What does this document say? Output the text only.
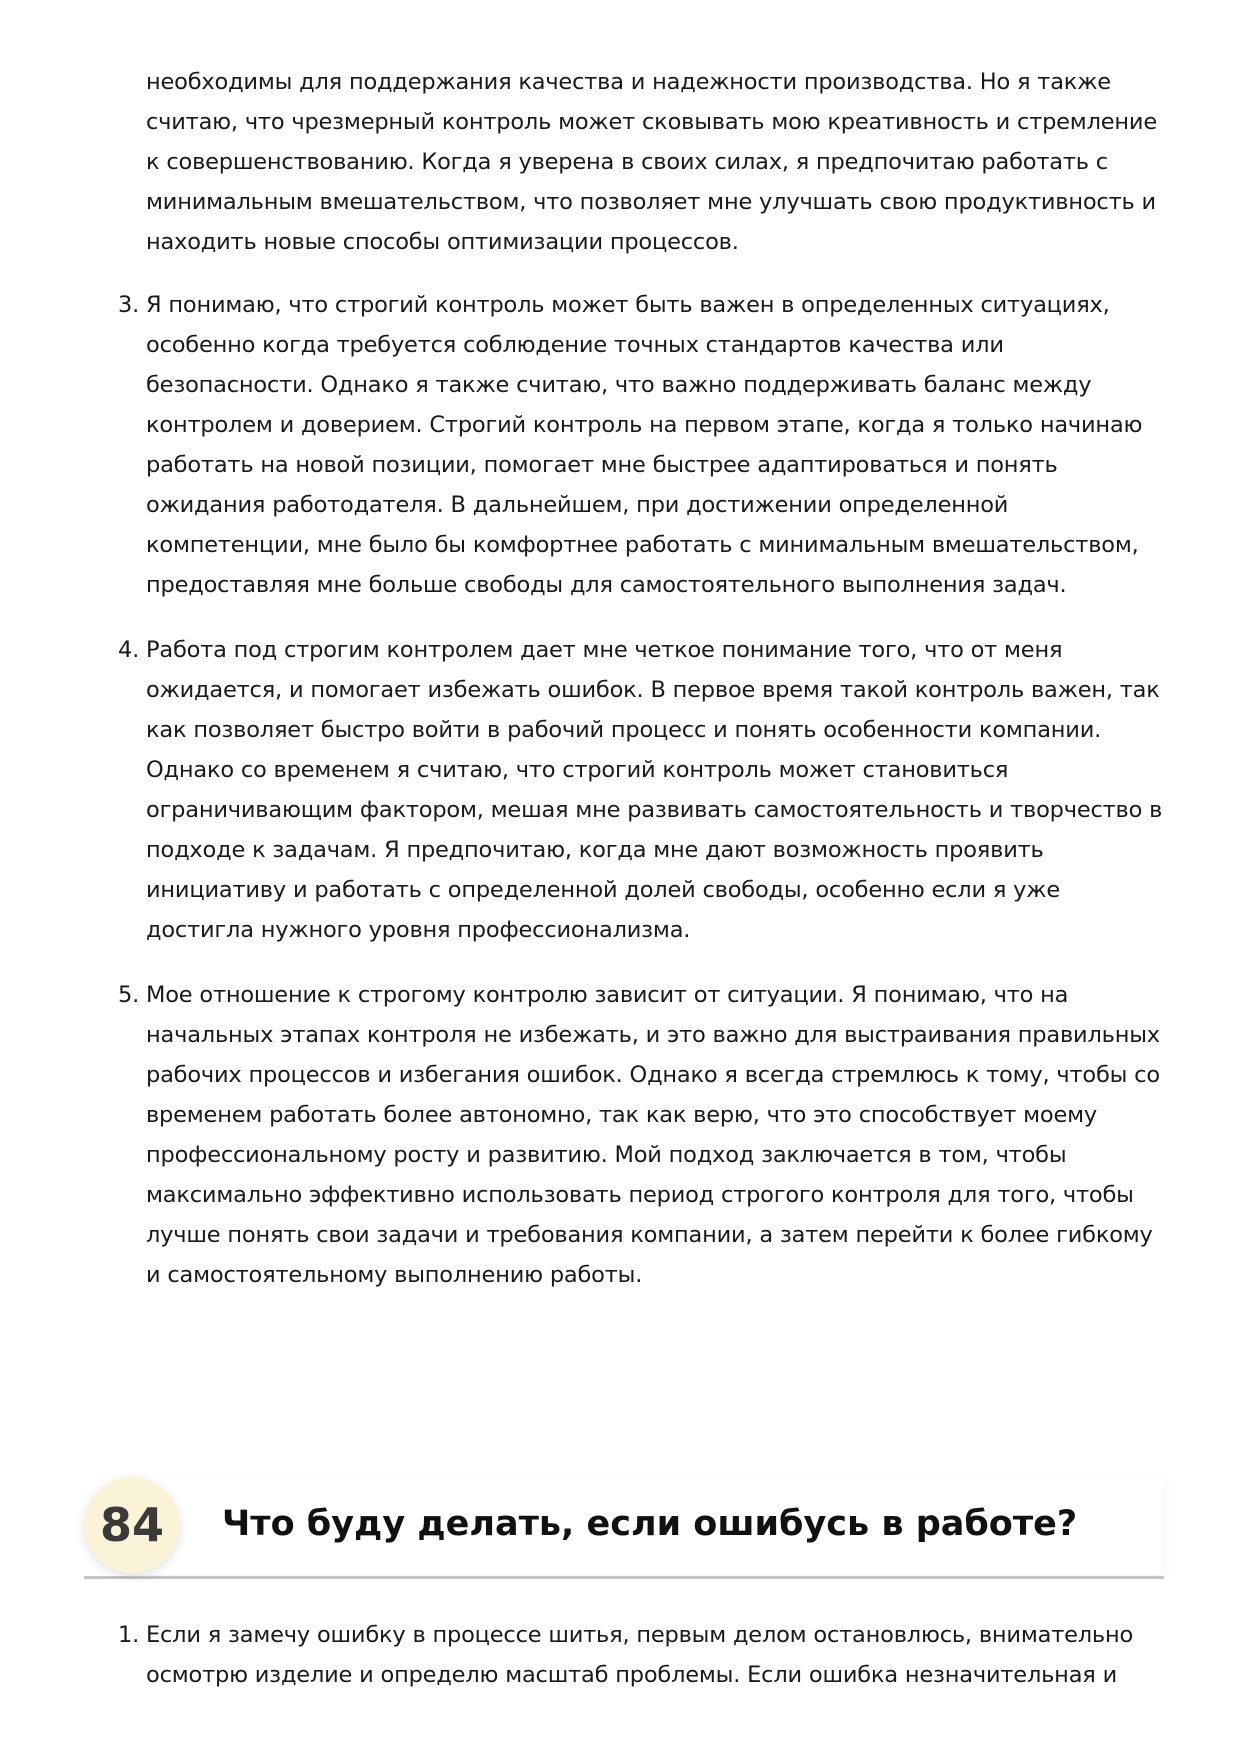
необходимы для поддержания качества и надежности производства. Но я также считаю, что чрезмерный контроль может сковывать мою креативность и стремление к совершенствованию. Когда я уверена в своих силах, я предпочитаю работать с минимальным вмешательством, что позволяет мне улучшать свою продуктивность и находить новые способы оптимизации процессов.

3. Я понимаю, что строгий контроль может быть важен в определенных ситуациях, особенно когда требуется соблюдение точных стандартов качества или безопасности. Однако я также считаю, что важно поддерживать баланс между контролем и доверием. Строгий контроль на первом этапе, когда я только начинаю работать на новой позиции, помогает мне быстрее адаптироваться и понять ожидания работодателя. В дальнейшем, при достижении определенной компетенции, мне было бы комфортнее работать с минимальным вмешательством, предоставляя мне больше свободы для самостоятельного выполнения задач.
4. Работа под строгим контролем дает мне четкое понимание того, что от меня ожидается, и помогает избежать ошибок. В первое время такой контроль важен, так как позволяет быстро войти в рабочий процесс и понять особенности компании. Однако со временем я считаю, что строгий контроль может становиться ограничивающим фактором, мешая мне развивать самостоятельность и творчество в подходе к задачам. Я предпочитаю, когда мне дают возможность проявить инициативу и работать с определенной долей свободы, особенно если я уже достигла нужного уровня профессионализма.
5. Мое отношение к строгому контролю зависит от ситуации. Я понимаю, что на начальных этапах контроля не избежать, и это важно для выстраивания правильных рабочих процессов и избегания ошибок. Однако я всегда стремлюсь к тому, чтобы со временем работать более автономно, так как верю, что это способствует моему профессиональному росту и развитию. Мой подход заключается в том, чтобы максимально эффективно использовать период строгого контроля для того, чтобы лучше понять свои задачи и требования компании, а затем перейти к более гибкому и самостоятельному выполнению работы.
84	Что буду делать, если ошибусь в работе?
1. Если я замечу ошибку в процессе шитья, первым делом остановлюсь, внимательно осмотрю изделие и определю масштаб проблемы. Если ошибка незначительная и
